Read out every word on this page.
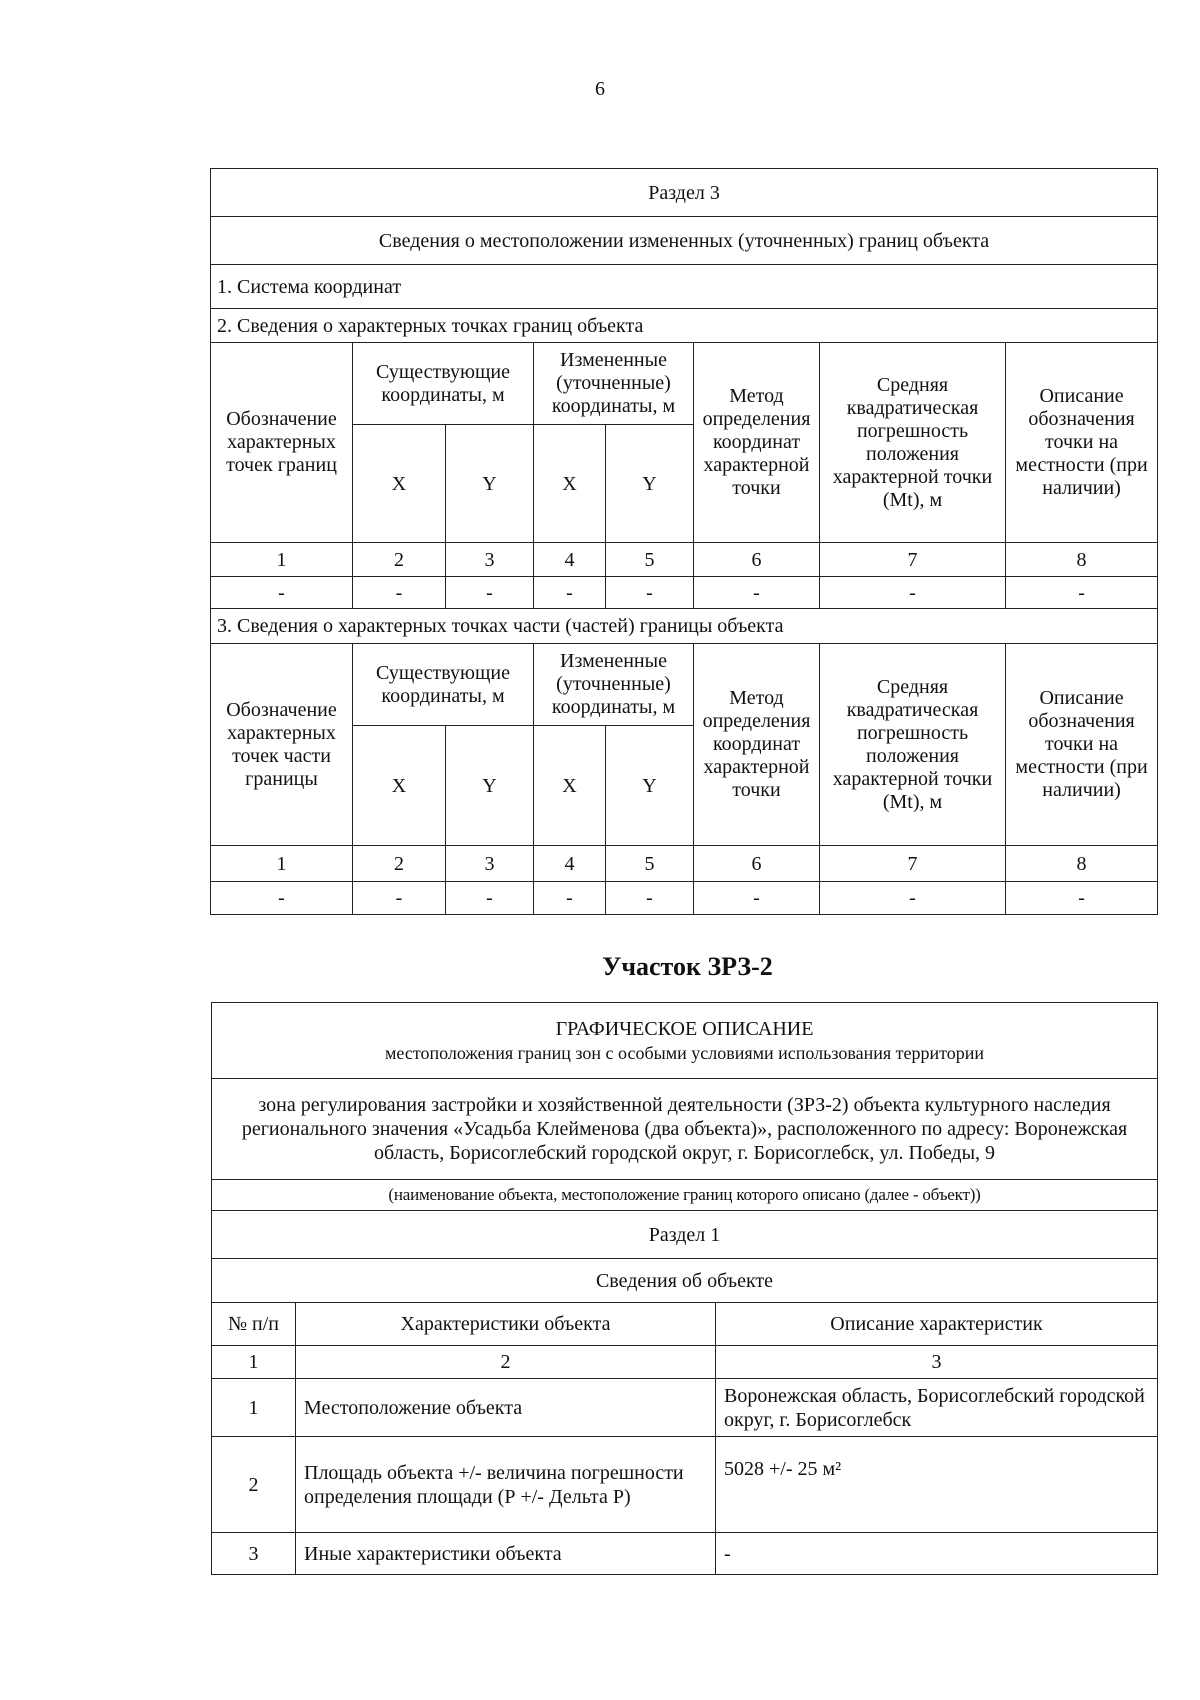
6
Раздел 3							
Сведения о местоположении измененных (уточненных) границ объекта							
1. Система координат							
2. Сведения о характерных точках границ объекта							
Обозначение характерных точек границ	Существующие координаты, м		Измененные (уточненные) координаты, м		Метод определения координат характерной точки	Средняя квадратическая погрешность положения характерной точки (Mt), м	Описание обозначения точки на местности (при наличии)
	X	Y	X	Y			
1	2	3	4	5	6	7	8
-	-	-	-	-	-	-	-
3. Сведения о характерных точках части (частей) границы объекта							
Обозначение характерных точек части границы	Существующие координаты, м		Измененные (уточненные) координаты, м		Метод определения координат характерной точки	Средняя квадратическая погрешность положения характерной точки (Mt), м	Описание обозначения точки на местности (при наличии)
	X	Y	X	Y			
1	2	3	4	5	6	7	8
-	-	-	-	-	-	-	-
Участок ЗРЗ-2
ГРАФИЧЕСКОЕ ОПИСАНИЕ
местоположения границ зон с особыми условиями использования территории		

зона регулирования застройки и хозяйственной деятельности (ЗРЗ-2) объекта культурного наследия регионального значения «Усадьба Клейменова (два объекта)», расположенного по адресу: Воронежская область, Борисоглебский городской округ, г. Борисоглебск, ул. Победы, 9		
(наименование объекта, местоположение границ которого описано (далее - объект))		
Раздел 1		
Сведения об объекте		
№ п/п	Характеристики объекта	Описание характеристик
1	2	3
1	Местоположение объекта	Воронежская область, Борисоглебский городской округ, г. Борисоглебск
2	Площадь объекта +/- величина погрешности определения площади (Р +/- Дельта Р)	5028 +/- 25 м²
3	Иные характеристики объекта	-
